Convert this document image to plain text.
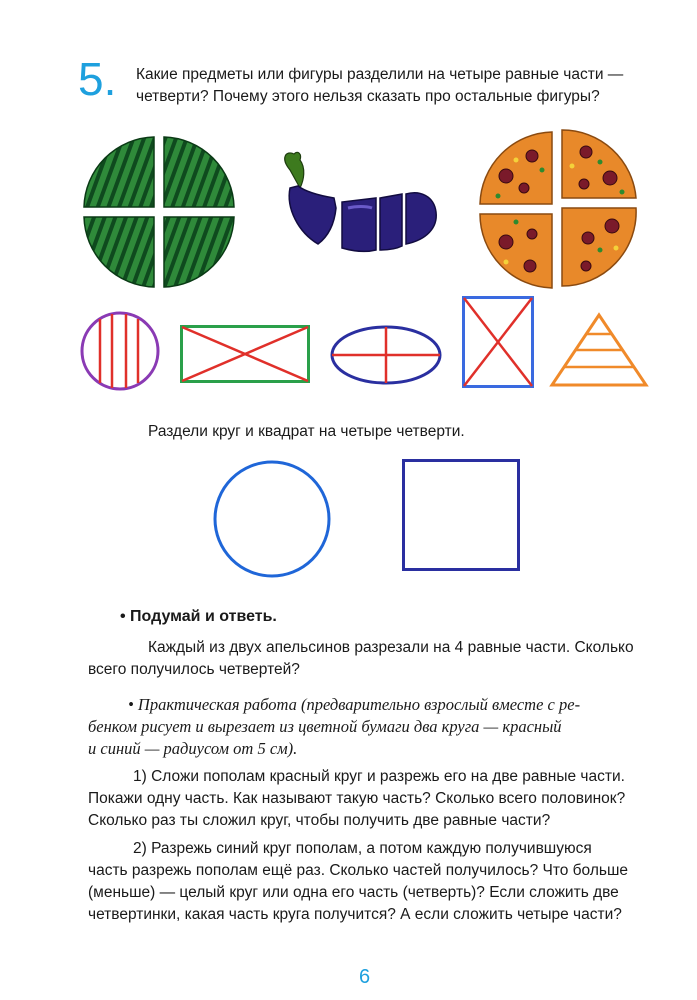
5. Какие предметы или фигуры разделили на четыре равные части —
четверти? Почему этого нельзя сказать про остальные фигуры?
Раздели круг и квадрат на четыре четверти.
• Подумай и ответь.
Каждый из двух апельсинов разрезали на 4 равные части. Сколько
всего получилось четвертей?
• Практическая работа (предварительно взрослый вместе с ре-
бенком рисует и вырезает из цветной бумаги два круга — красный
и синий — радиусом от 5 см).
1) Сложи пополам красный круг и разрежь его на две равные части.
Покажи одну часть. Как называют такую часть? Сколько всего половинок?
Сколько раз ты сложил круг, чтобы получить две равные части?
2) Разрежь синий круг пополам, а потом каждую получившуюся
часть разрежь пополам ещё раз. Сколько частей получилось? Что больше
(меньше) — целый круг или одна его часть (четверть)? Если сложить две
четвертинки, какая часть круга получится? А если сложить четыре части?
6
